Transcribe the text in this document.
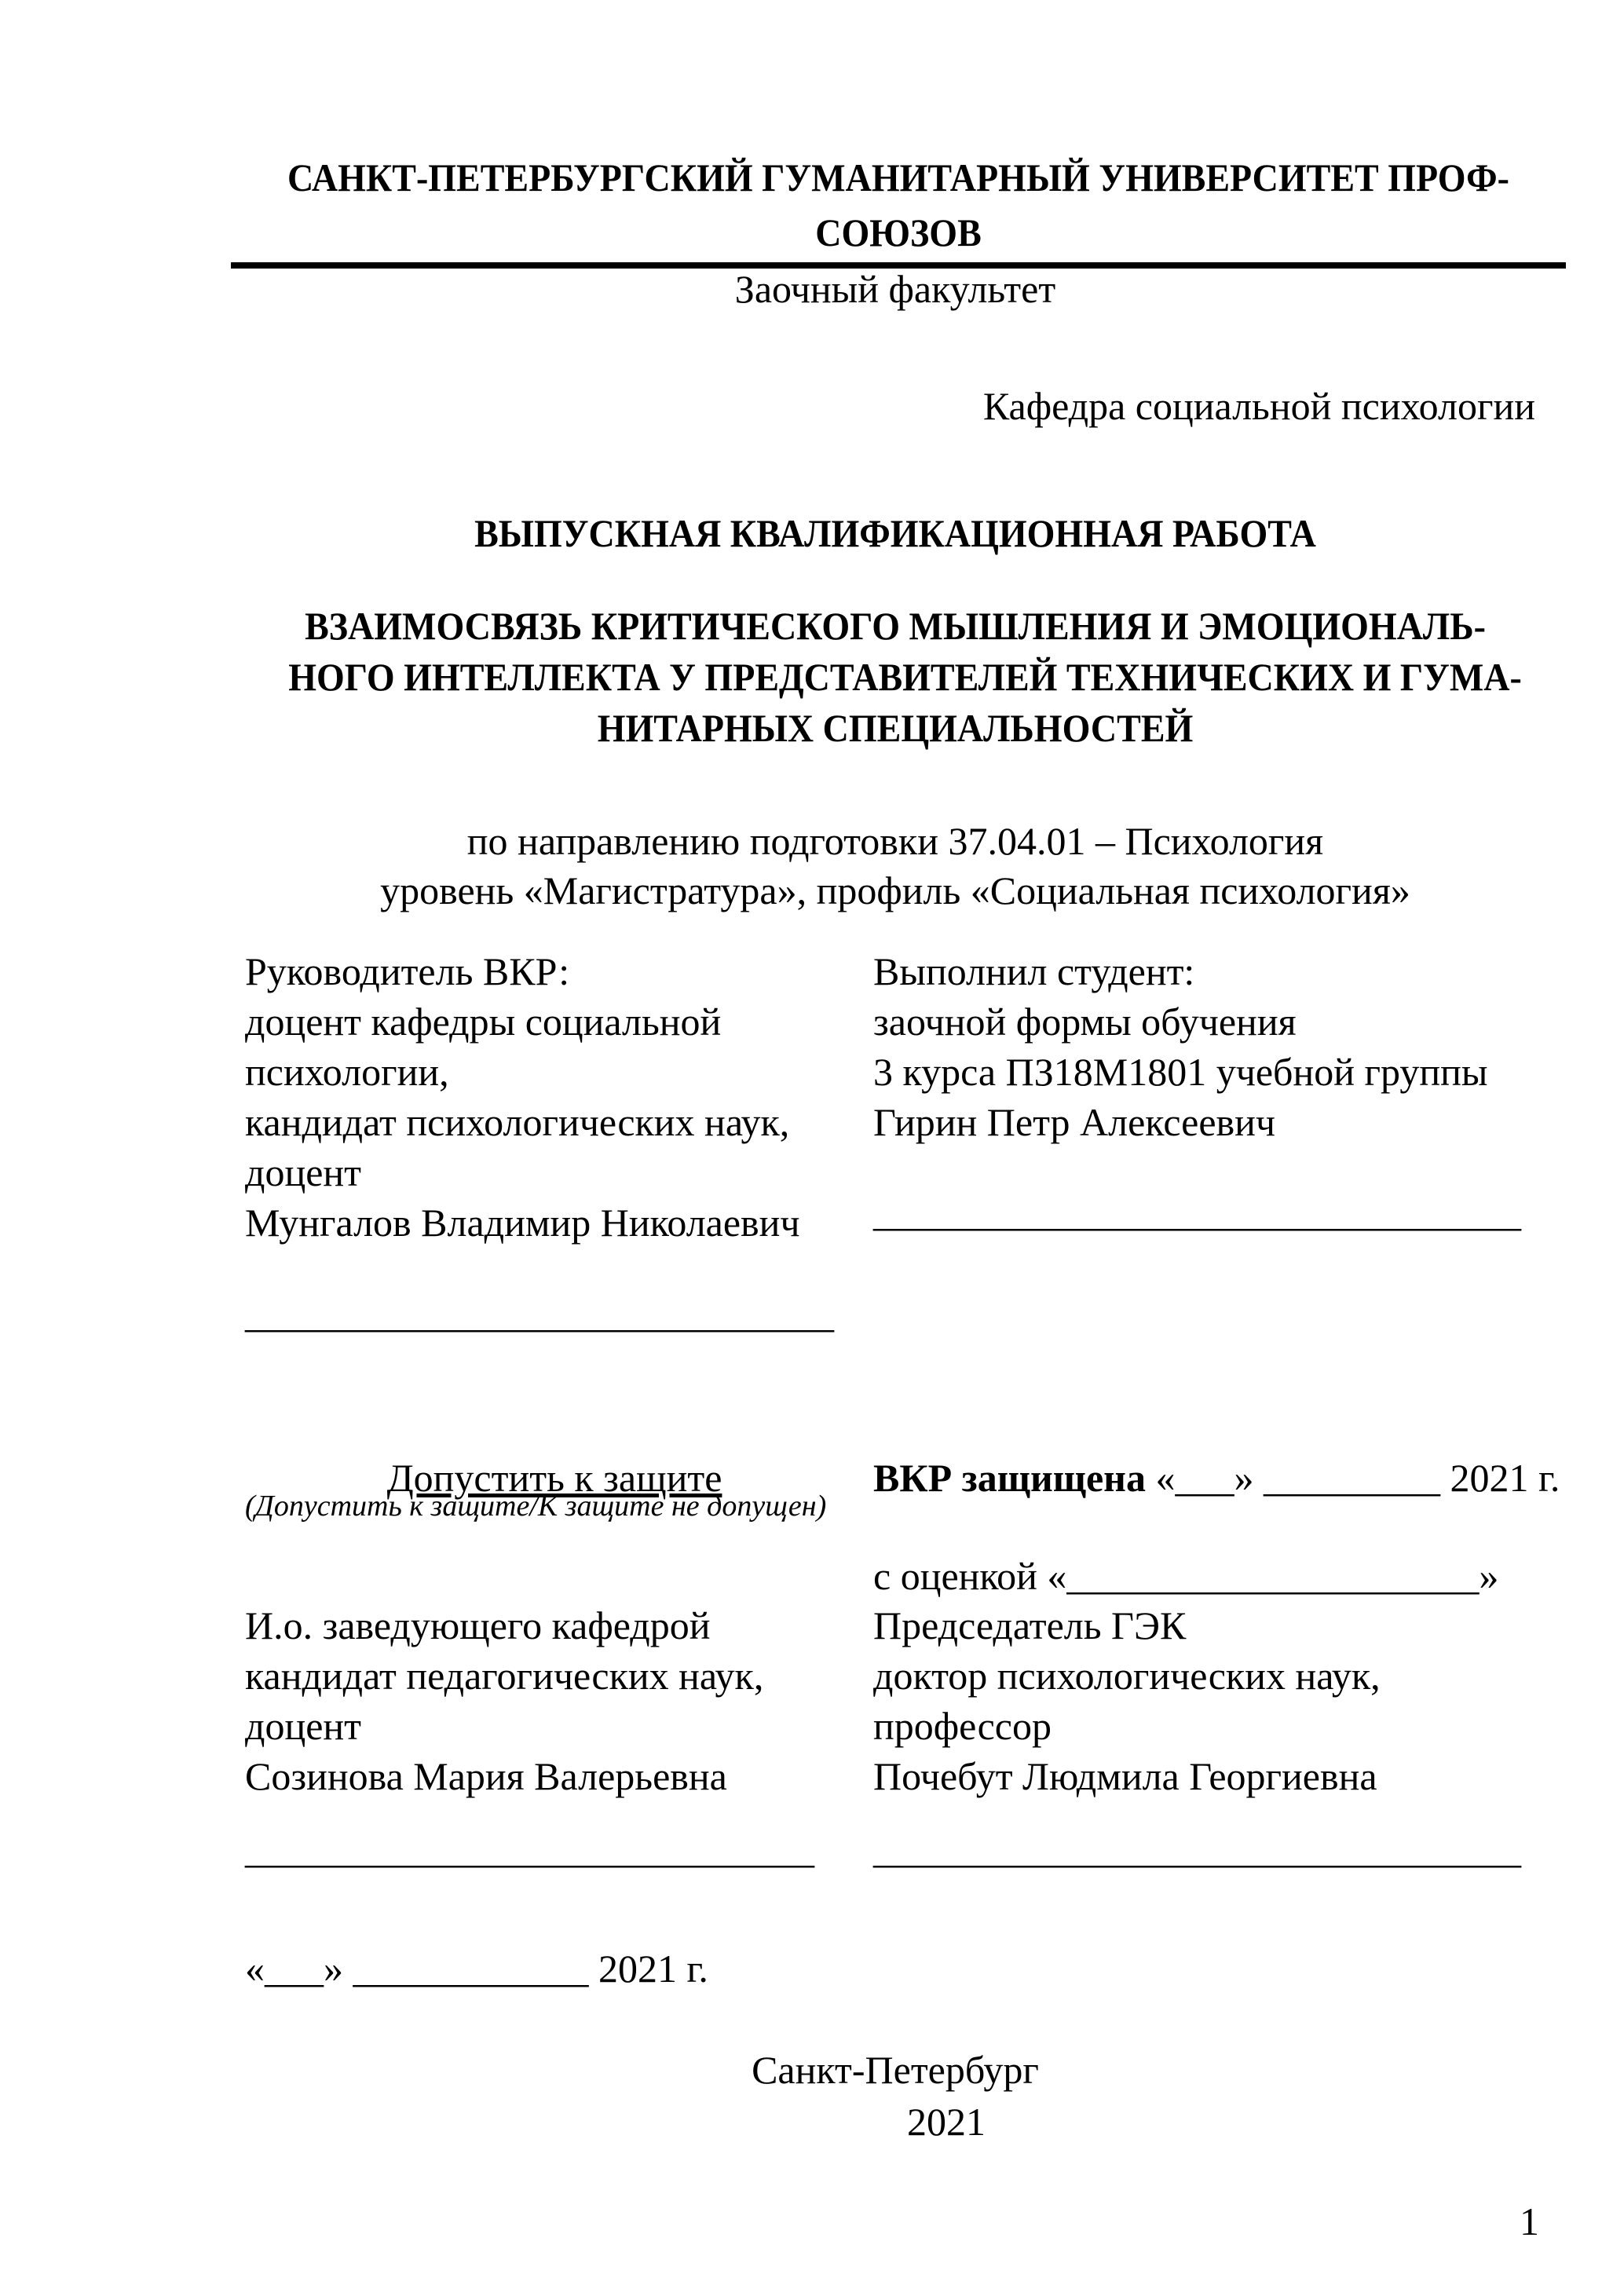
САНКТ-ПЕТЕРБУРГСКИЙ ГУМАНИТАРНЫЙ УНИВЕРСИТЕТ ПРОФ-
СОЮЗОВ
Заочный факультет
Кафедра социальной психологии
ВЫПУСКНАЯ КВАЛИФИКАЦИОННАЯ РАБОТА
ВЗАИМОСВЯЗЬ КРИТИЧЕСКОГО МЫШЛЕНИЯ И ЭМОЦИОНАЛЬ-
НОГО ИНТЕЛЛЕКТА У ПРЕДСТАВИТЕЛЕЙ ТЕХНИЧЕСКИХ И ГУМА-
НИТАРНЫХ СПЕЦИАЛЬНОСТЕЙ
по направлению подготовки 37.04.01 – Психология
уровень «Магистратура», профиль «Социальная психология»
Руководитель ВКР:	Выполнил студент:
доцент кафедры социальной	заочной формы обучения
психологии,	3 курса ПЗ18М1801 учебной группы
кандидат психологических наук,	Гирин Петр Алексеевич
доцент
Мунгалов Владимир Николаевич	_________________________________
______________________________
Допустить к защите	ВКР защищена «___» _________ 2021 г.
(Допустить к защите/К защите не допущен)
с оценкой «_____________________»
И.о. заведующего кафедрой	Председатель ГЭК
кандидат педагогических наук,	доктор психологических наук,
доцент	профессор
Созинова Мария Валерьевна	Почебут Людмила Георгиевна
_____________________________ _________________________________
«___» ____________ 2021 г.
Санкт-Петербург
2021
1
